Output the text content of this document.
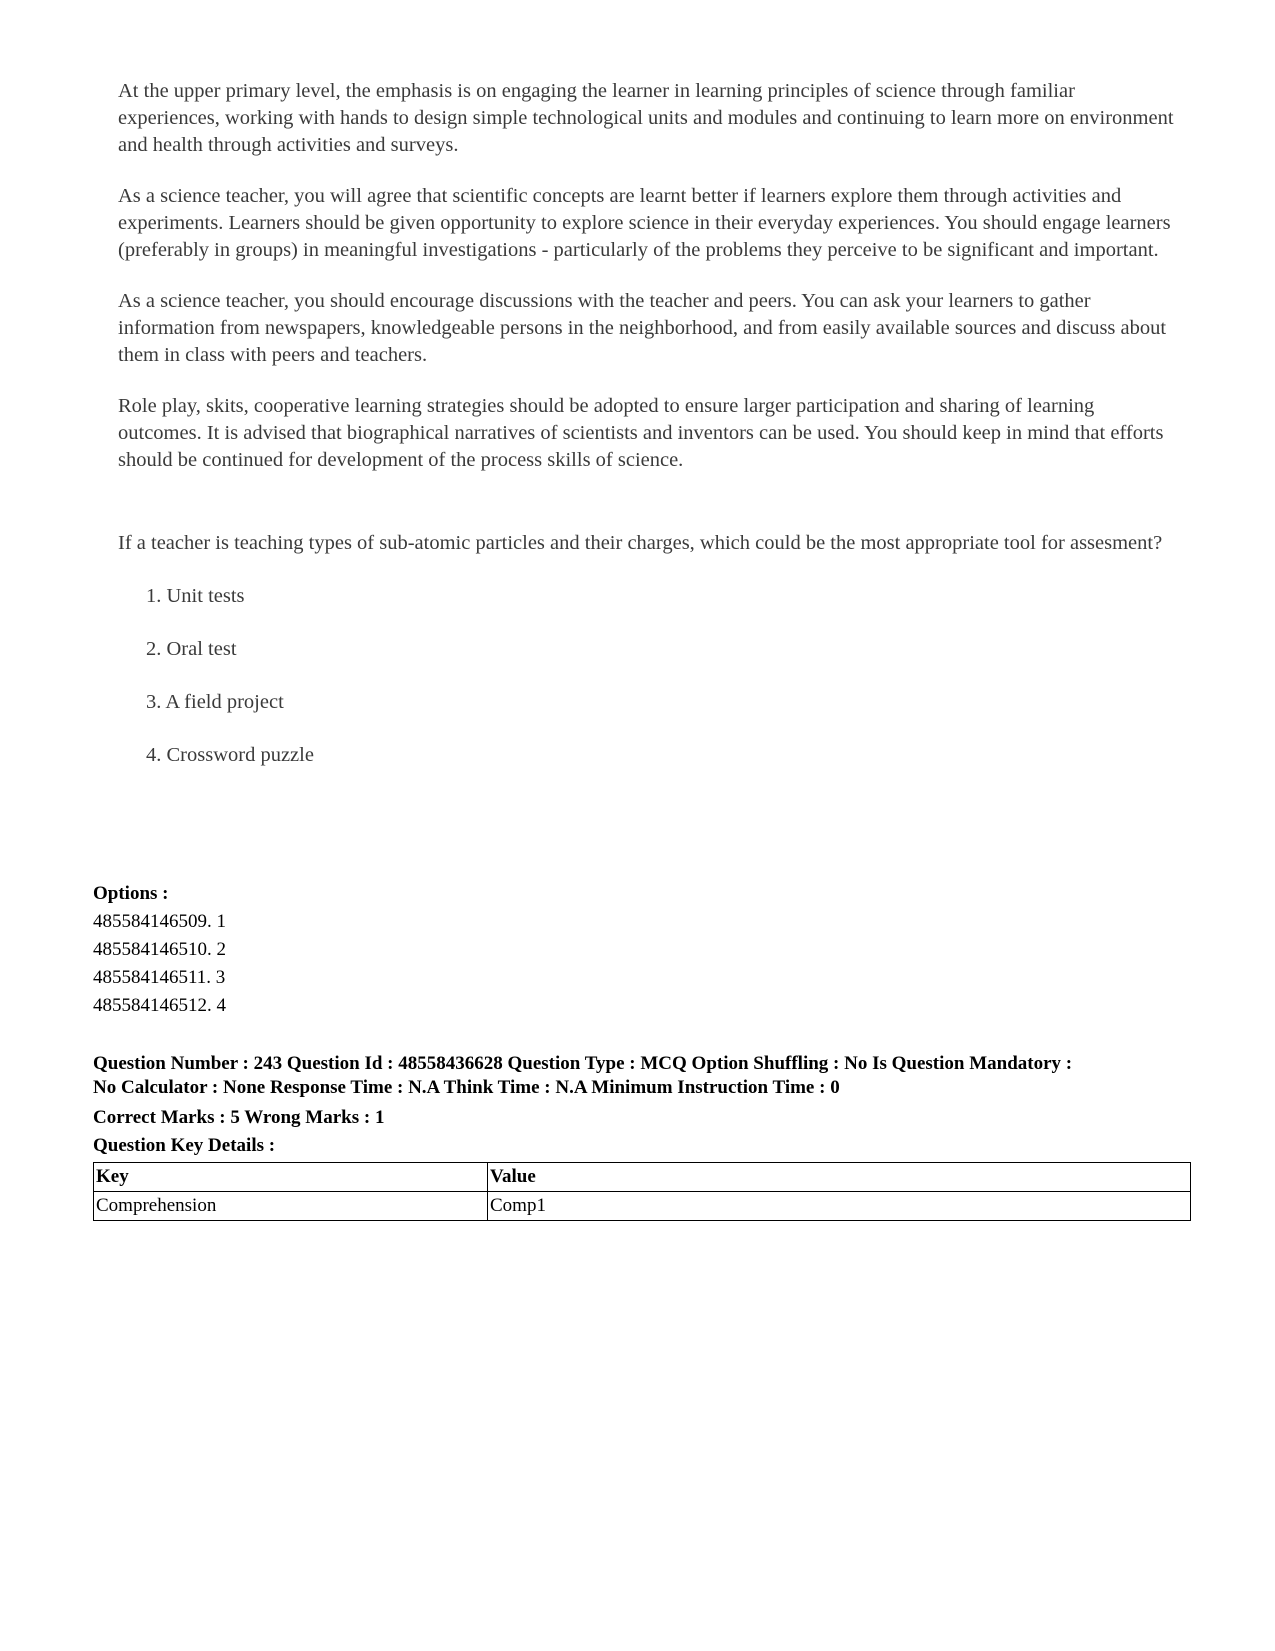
At the upper primary level, the emphasis is on engaging the learner in learning principles of science through familiar experiences, working with hands to design simple technological units and modules and continuing to learn more on environment and health through activities and surveys.

As a science teacher, you will agree that scientific concepts are learnt better if learners explore them through activities and experiments. Learners should be given opportunity to explore science in their everyday experiences. You should engage learners (preferably in groups) in meaningful investigations - particularly of the problems they perceive to be significant and important.

As a science teacher, you should encourage discussions with the teacher and peers. You can ask your learners to gather information from newspapers, knowledgeable persons in the neighborhood, and from easily available sources and discuss about them in class with peers and teachers.

Role play, skits, cooperative learning strategies should be adopted to ensure larger participation and sharing of learning outcomes. It is advised that biographical narratives of scientists and inventors can be used. You should keep in mind that efforts should be continued for development of the process skills of science.

If a teacher is teaching types of sub-atomic particles and their charges, which could be the most appropriate tool for assesment?

1. Unit tests
2. Oral test
3. A field project
4. Crossword puzzle
Options :
485584146509. 1
485584146510. 2
485584146511. 3
485584146512. 4
Question Number : 243 Question Id : 48558436628 Question Type : MCQ Option Shuffling : No Is Question Mandatory :
No Calculator : None Response Time : N.A Think Time : N.A Minimum Instruction Time : 0
Correct Marks : 5 Wrong Marks : 1
Question Key Details :
Key	Value
Comprehension	Comp1
